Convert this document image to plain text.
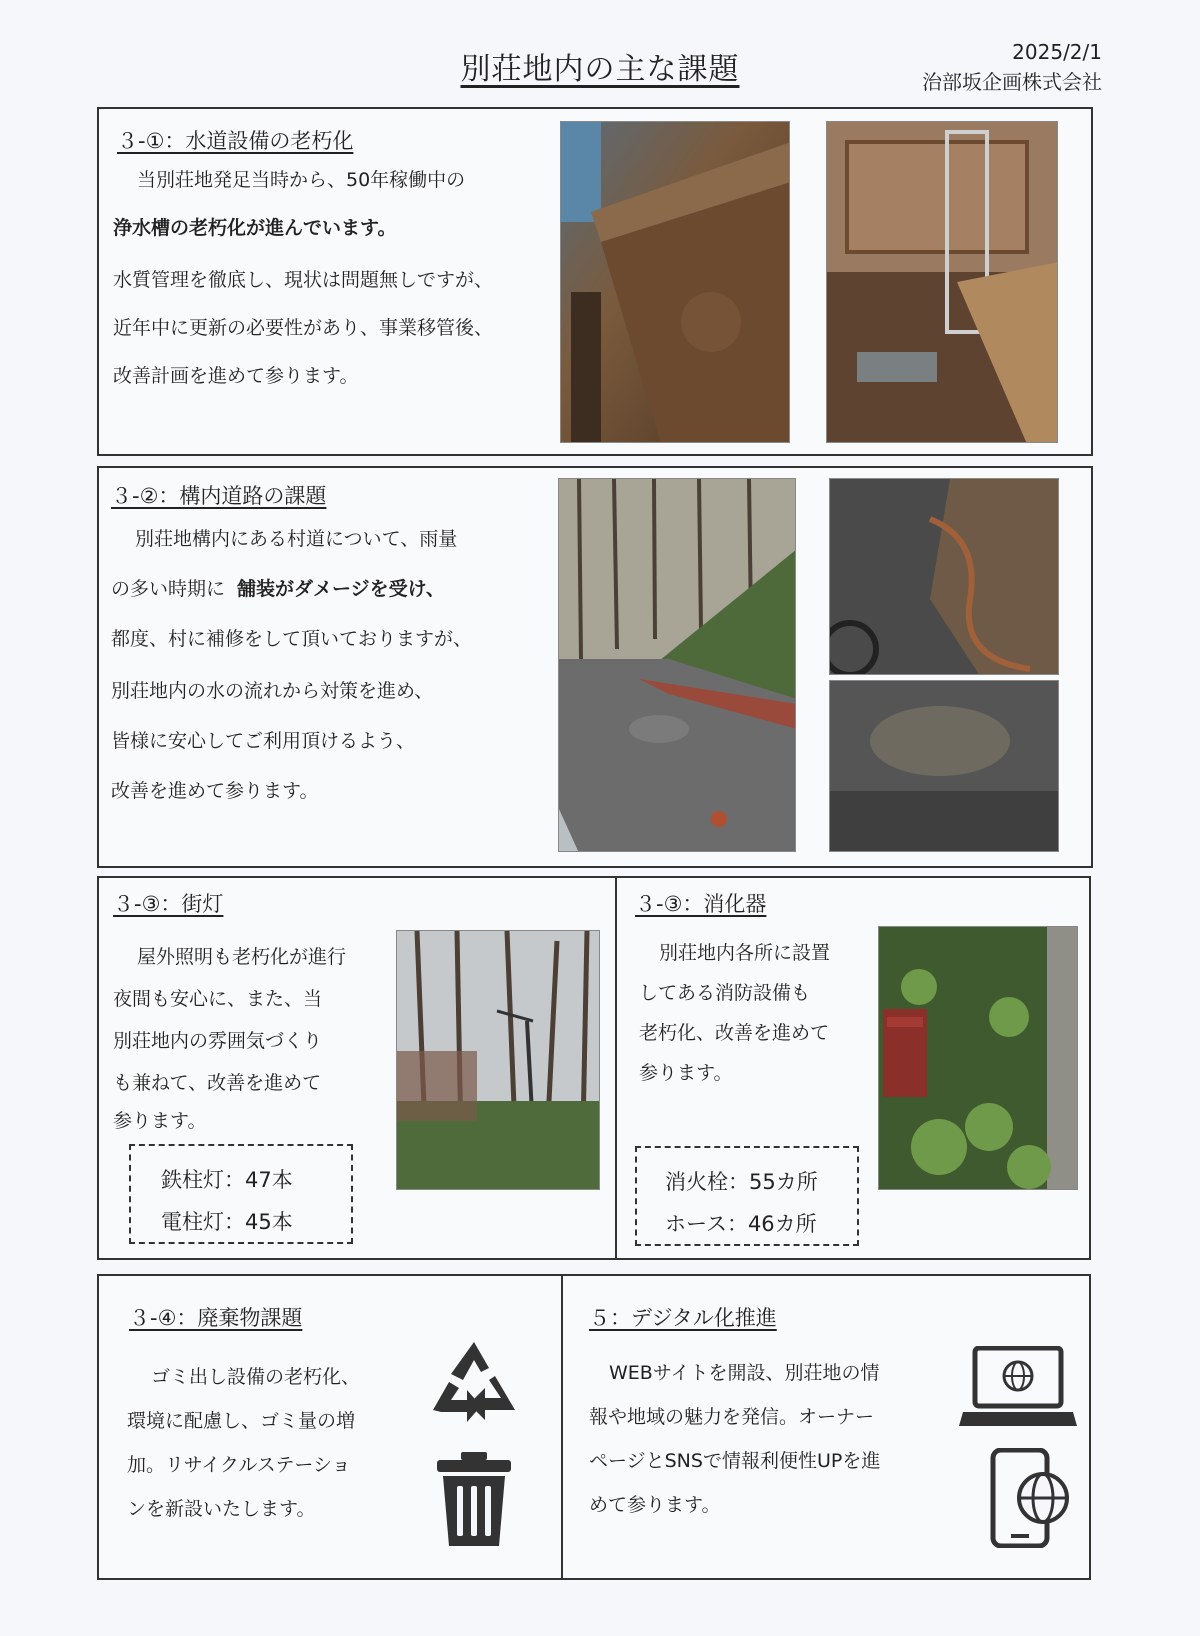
別荘地内の主な課題	2025/2/1
治部坂企画株式会社
３-①：水道設備の老朽化
当別荘地発足当時から、50年稼働中の
浄水槽の老朽化が進んでいます。
水質管理を徹底し、現状は問題無しですが、
近年中に更新の必要性があり、事業移管後、
改善計画を進めて参ります。
３-②：構内道路の課題
別荘地構内にある村道について、雨量
の多い時期に 舗装がダメージを受け、
都度、村に補修をして頂いておりますが、
別荘地内の水の流れから対策を進め、
皆様に安心してご利用頂けるよう、
改善を進めて参ります。
３-③：街灯
屋外照明も老朽化が進行
夜間も安心に、また、当
別荘地内の雰囲気づくり
も兼ねて、改善を進めて
参ります。
鉄柱灯：47本
電柱灯：45本
３-③：消化器
別荘地内各所に設置
してある消防設備も
老朽化、改善を進めて
参ります。
消火栓：55カ所
ホース：46カ所
３-④：廃棄物課題
ゴミ出し設備の老朽化、
環境に配慮し、ゴミ量の増
加。リサイクルステーショ
ンを新設いたします。
５：デジタル化推進
WEBサイトを開設、別荘地の情
報や地域の魅力を発信。オーナー
ページとSNSで情報利便性UPを進
めて参ります。
